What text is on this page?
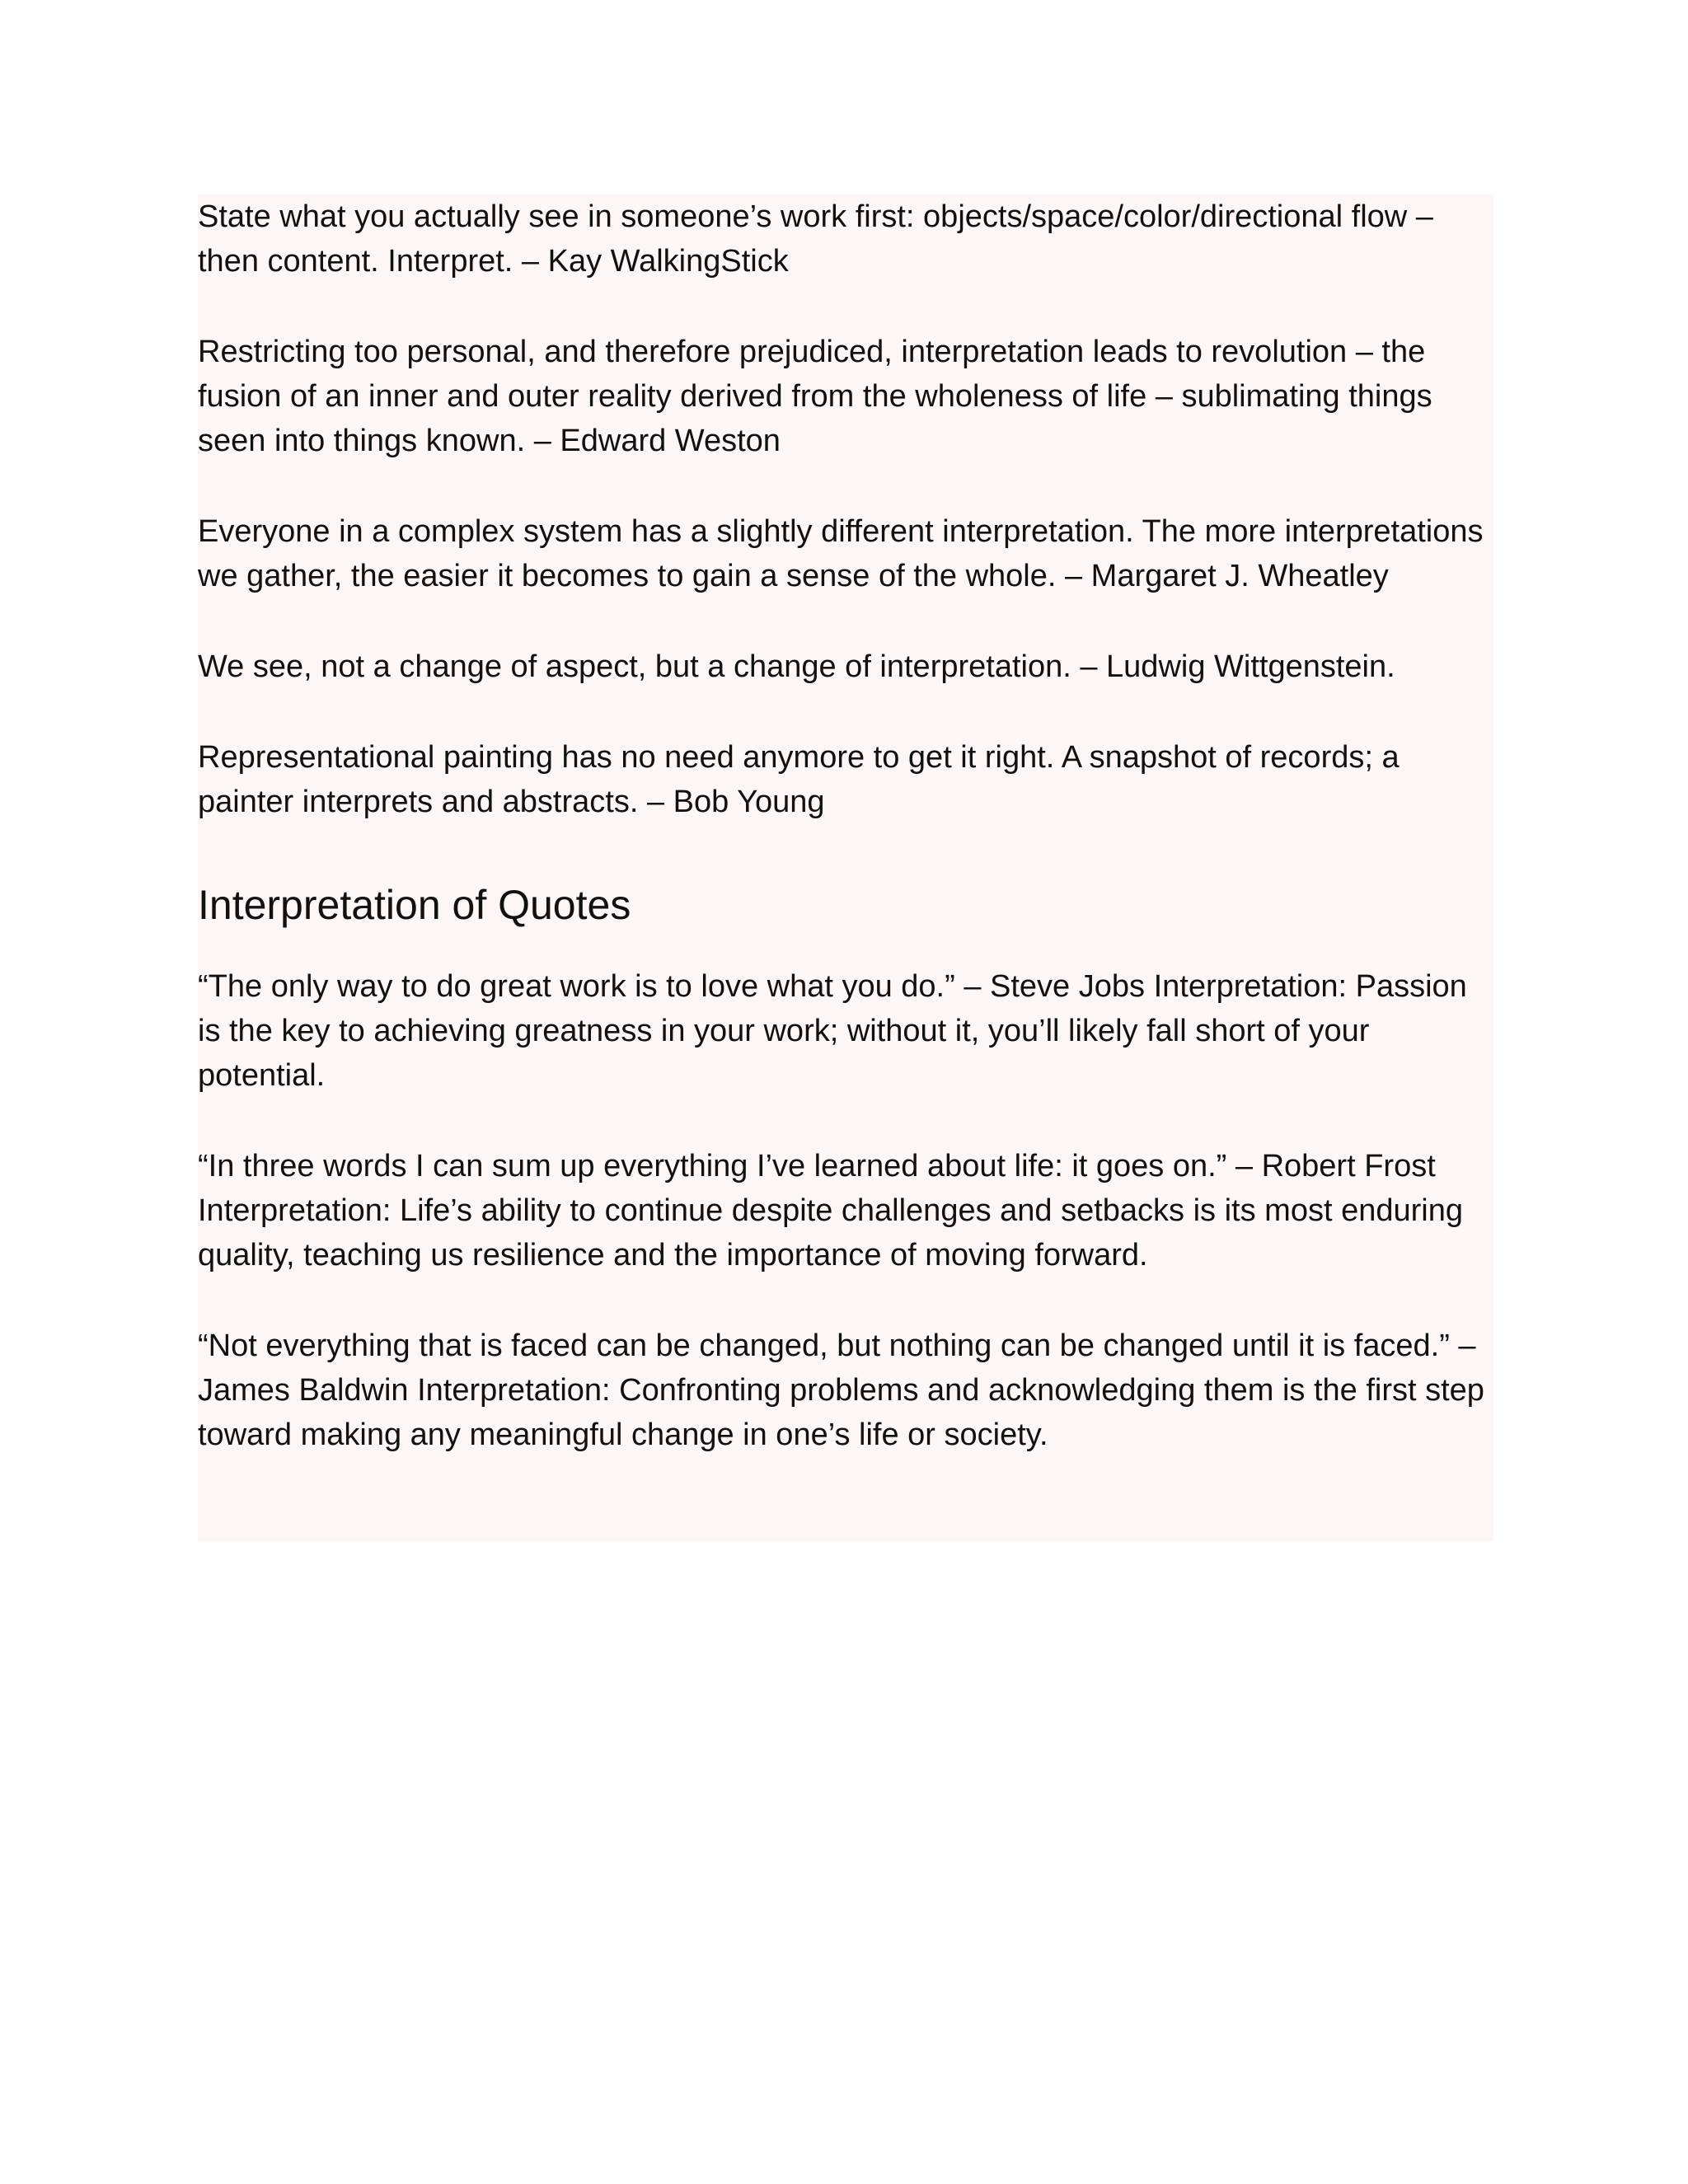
State what you actually see in someone’s work first: objects/space/color/directional flow – then content. Interpret. – Kay WalkingStick

Restricting too personal, and therefore prejudiced, interpretation leads to revolution – the fusion of an inner and outer reality derived from the wholeness of life – sublimating things seen into things known. – Edward Weston

Everyone in a complex system has a slightly different interpretation. The more interpretations we gather, the easier it becomes to gain a sense of the whole. – Margaret J. Wheatley

We see, not a change of aspect, but a change of interpretation. – Ludwig Wittgenstein.

Representational painting has no need anymore to get it right. A snapshot of records; a painter interprets and abstracts. – Bob Young

Interpretation of Quotes

“The only way to do great work is to love what you do.” – Steve Jobs Interpretation: Passion is the key to achieving greatness in your work; without it, you’ll likely fall short of your potential.

“In three words I can sum up everything I’ve learned about life: it goes on.” – Robert Frost Interpretation: Life’s ability to continue despite challenges and setbacks is its most enduring quality, teaching us resilience and the importance of moving forward.

“Not everything that is faced can be changed, but nothing can be changed until it is faced.” – James Baldwin Interpretation: Confronting problems and acknowledging them is the first step toward making any meaningful change in one’s life or society.
